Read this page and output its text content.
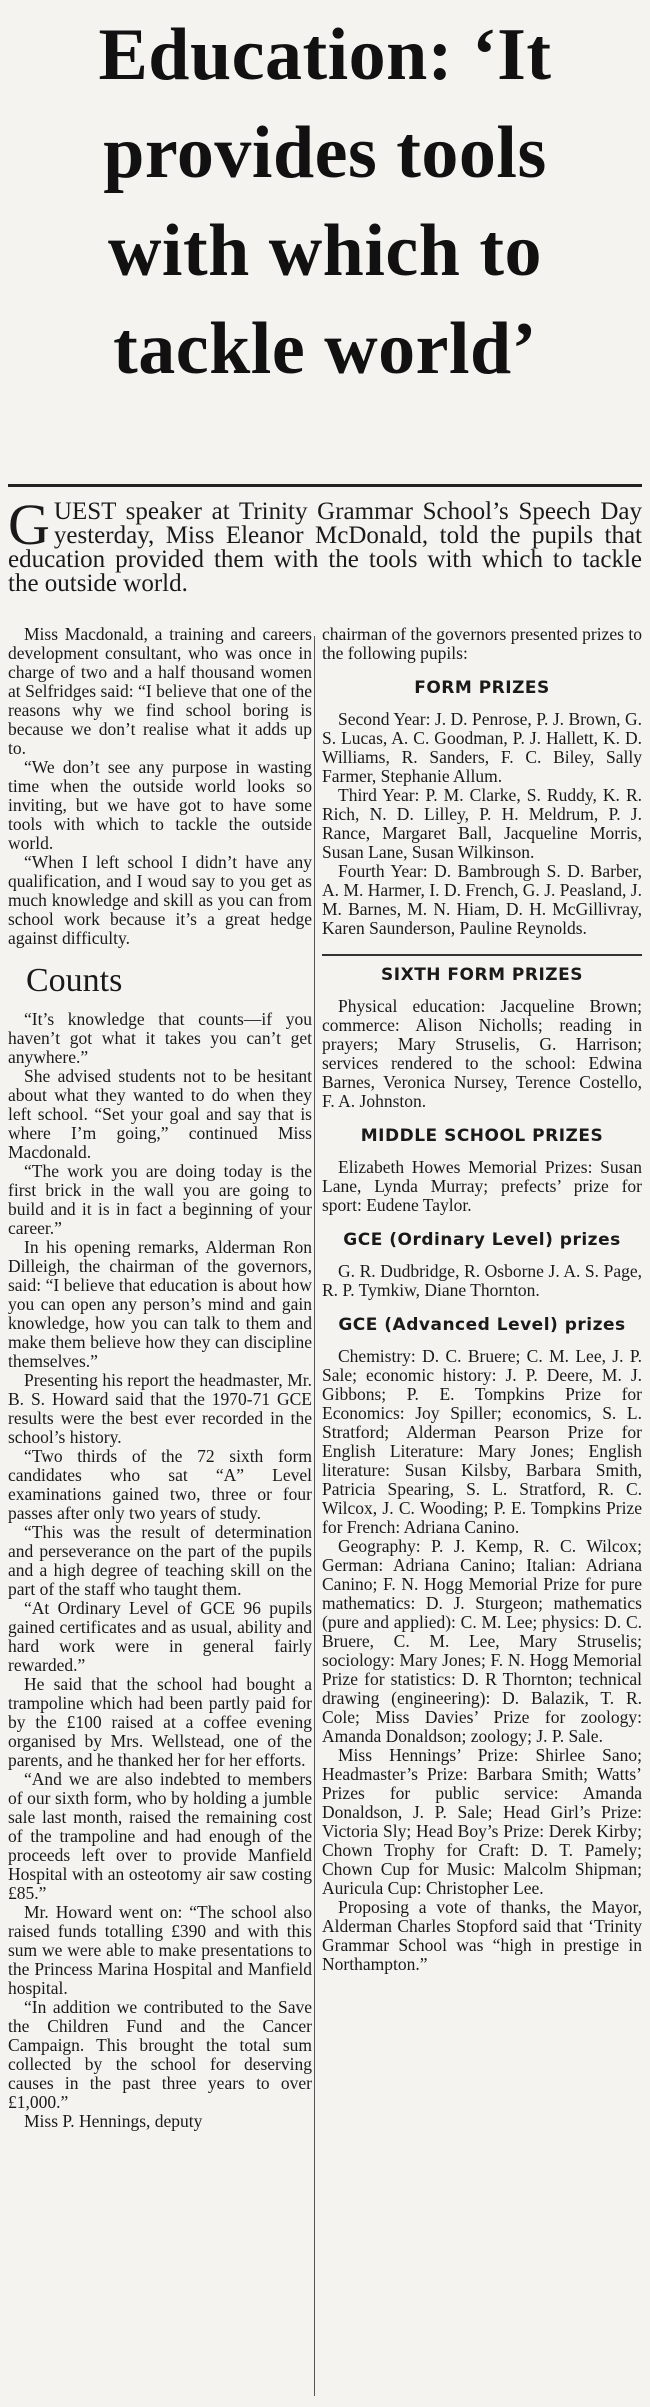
Education: ‘It
provides tools
with which to
tackle world’
GUEST speaker at Trinity Grammar School’s Speech Day yesterday, Miss Eleanor McDonald, told the pupils that education provided them with the tools with which to tackle the outside world.

Miss Macdonald, a training and careers development consultant, who was once in charge of two and a half thousand women at Selfridges said: “I believe that one of the reasons why we find school boring is because we don’t realise what it adds up to.

“We don’t see any purpose in wasting time when the outside world looks so inviting, but we have got to have some tools with which to tackle the outside world.

“When I left school I didn’t have any qualification, and I woud say to you get as much knowledge and skill as you can from school work because it’s a great hedge against difficulty.

Counts

“It’s knowledge that counts—if you haven’t got what it takes you can’t get anywhere.”

She advised students not to be hesitant about what they wanted to do when they left school. “Set your goal and say that is where I’m going,” continued Miss Macdonald.

“The work you are doing today is the first brick in the wall you are going to build and it is in fact a beginning of your career.”

In his opening remarks, Alderman Ron Dilleigh, the chairman of the governors, said: “I believe that education is about how you can open any person’s mind and gain knowledge, how you can talk to them and make them believe how they can discipline themselves.”

Presenting his report the headmaster, Mr. B. S. Howard said that the 1970-71 GCE results were the best ever recorded in the school’s history.

“Two thirds of the 72 sixth form candidates who sat “A” Level examinations gained two, three or four passes after only two years of study.

“This was the result of determination and perseverance on the part of the pupils and a high degree of teaching skill on the part of the staff who taught them.

“At Ordinary Level of GCE 96 pupils gained certificates and as usual, ability and hard work were in general fairly rewarded.”

He said that the school had bought a trampoline which had been partly paid for by the £100 raised at a coffee evening organised by Mrs. Wellstead, one of the parents, and he thanked her for her efforts.

“And we are also indebted to members of our sixth form, who by holding a jumble sale last month, raised the remaining cost of the trampoline and had enough of the proceeds left over to provide Manfield Hospital with an osteotomy air saw costing £85.”

Mr. Howard went on: “The school also raised funds totalling £390 and with this sum we were able to make presentations to the Princess Marina Hospital and Manfield hospital.

“In addition we contributed to the Save the Children Fund and the Cancer Campaign. This brought the total sum collected by the school for deserving causes in the past three years to over £1,000.”

Miss P. Hennings, deputy

chairman of the governors presented prizes to the following pupils:

FORM PRIZES

Second Year: J. D. Penrose, P. J. Brown, G. S. Lucas, A. C. Goodman, P. J. Hallett, K. D. Williams, R. Sanders, F. C. Biley, Sally Farmer, Stephanie Allum.

Third Year: P. M. Clarke, S. Ruddy, K. R. Rich, N. D. Lilley, P. H. Meldrum, P. J. Rance, Margaret Ball, Jacqueline Morris, Susan Lane, Susan Wilkinson.

Fourth Year: D. Bambrough S. D. Barber, A. M. Harmer, I. D. French, G. J. Peasland, J. M. Barnes, M. N. Hiam, D. H. McGillivray, Karen Saunderson, Pauline Reynolds.

SIXTH FORM PRIZES

Physical education: Jacqueline Brown; commerce: Alison Nicholls; reading in prayers; Mary Struselis, G. Harrison; services rendered to the school: Edwina Barnes, Veronica Nursey, Terence Costello, F. A. Johnston.

MIDDLE SCHOOL PRIZES

Elizabeth Howes Memorial Prizes: Susan Lane, Lynda Murray; prefects’ prize for sport: Eudene Taylor.

GCE (Ordinary Level) prizes

G. R. Dudbridge, R. Osborne J. A. S. Page, R. P. Tymkiw, Diane Thornton.

GCE (Advanced Level) prizes

Chemistry: D. C. Bruere; C. M. Lee, J. P. Sale; economic history: J. P. Deere, M. J. Gibbons; P. E. Tompkins Prize for Economics: Joy Spiller; economics, S. L. Stratford; Alderman Pearson Prize for English Literature: Mary Jones; English literature: Susan Kilsby, Barbara Smith, Patricia Spearing, S. L. Stratford, R. C. Wilcox, J. C. Wooding; P. E. Tompkins Prize for French: Adriana Canino.

Geography: P. J. Kemp, R. C. Wilcox; German: Adriana Canino; Italian: Adriana Canino; F. N. Hogg Memorial Prize for pure mathematics: D. J. Sturgeon; mathematics (pure and applied): C. M. Lee; physics: D. C. Bruere, C. M. Lee, Mary Struselis; sociology: Mary Jones; F. N. Hogg Memorial Prize for statistics: D. R Thornton; technical drawing (engineering): D. Balazik, T. R. Cole; Miss Davies’ Prize for zoology: Amanda Donaldson; zoology; J. P. Sale.

Miss Hennings’ Prize: Shirlee Sano; Headmaster’s Prize: Barbara Smith; Watts’ Prizes for public service: Amanda Donaldson, J. P. Sale; Head Girl’s Prize: Victoria Sly; Head Boy’s Prize: Derek Kirby; Chown Trophy for Craft: D. T. Pamely; Chown Cup for Music: Malcolm Shipman; Auricula Cup: Christopher Lee.

Proposing a vote of thanks, the Mayor, Alderman Charles Stopford said that ‘Trinity Grammar School was “high in prestige in Northampton.”
